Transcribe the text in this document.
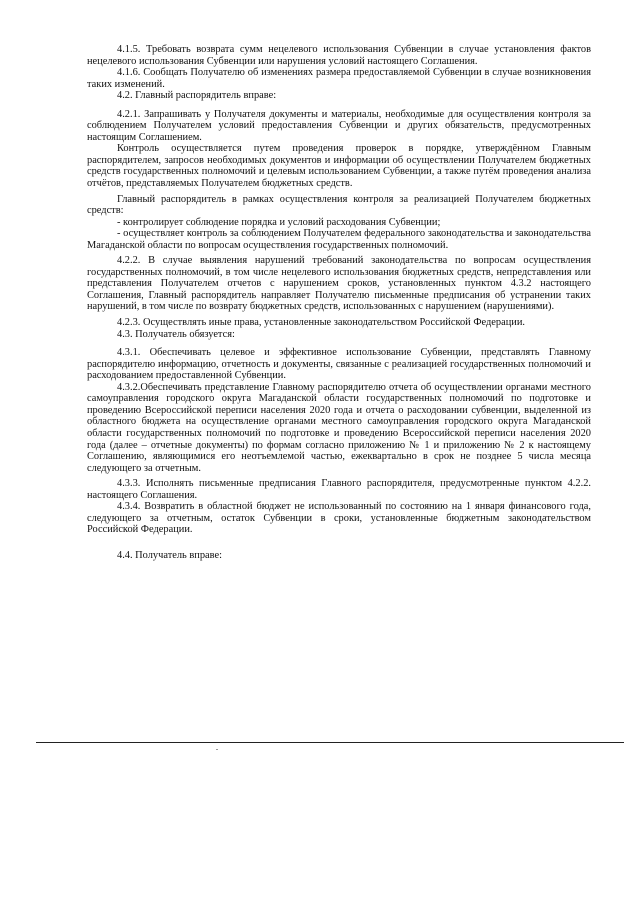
4.1.5. Требовать возврата сумм нецелевого использования Субвенции в случае установления фактов нецелевого использования Субвенции или нарушения условий настоящего Соглашения.

4.1.6. Сообщать Получателю об изменениях размера предоставляемой Субвенции в случае возникновения таких изменений.

4.2. Главный распорядитель вправе:

4.2.1. Запрашивать у Получателя документы и материалы, необходимые для осуществления контроля за соблюдением Получателем условий предоставления Субвенции и других обязательств, предусмотренных настоящим Соглашением.

Контроль осуществляется путем проведения проверок в порядке, утверждённом Главным распорядителем, запросов необходимых документов и информации об осуществлении Получателем бюджетных средств государственных полномочий и целевым использованием Субвенции, а также путём проведения анализа отчётов, представляемых Получателем бюджетных средств.

Главный распорядитель в рамках осуществления контроля за реализацией Получателем бюджетных средств:

- контролирует соблюдение порядка и условий расходования Субвенции;

- осуществляет контроль за соблюдением Получателем федерального законодательства и законодательства Магаданской области по вопросам осуществления государственных полномочий.

4.2.2. В случае выявления нарушений требований законодательства по вопросам осуществления государственных полномочий, в том числе нецелевого использования бюджетных средств, непредставления или представления Получателем отчетов с нарушением сроков, установленных пунктом 4.3.2 настоящего Соглашения, Главный распорядитель направляет Получателю письменные предписания об устранении таких нарушений, в том числе по возврату бюджетных средств, использованных с нарушением (нарушениями).

4.2.3. Осуществлять иные права, установленные законодательством Российской Федерации.

4.3. Получатель обязуется:

4.3.1. Обеспечивать целевое и эффективное использование Субвенции, представлять Главному распорядителю информацию, отчетность и документы, связанные с реализацией государственных полномочий и расходованием предоставленной Субвенции.

4.3.2.Обеспечивать представление Главному распорядителю отчета об осуществлении органами местного самоуправления городского округа Магаданской области государственных полномочий по подготовке и проведению Всероссийской переписи населения 2020 года и отчета о расходовании субвенции, выделенной из областного бюджета на осуществление органами местного самоуправления городского округа Магаданской области государственных полномочий по подготовке и проведению Всероссийской переписи населения 2020 года (далее – отчетные документы) по формам согласно приложению № 1 и приложению № 2 к настоящему Соглашению, являющимися его неотъемлемой частью, ежеквартально в срок не позднее 5 числа месяца следующего за отчетным.

4.3.3. Исполнять письменные предписания Главного распорядителя, предусмотренные пунктом 4.2.2. настоящего Соглашения.

4.3.4. Возвратить в областной бюджет не использованный по состоянию на 1 января финансового года, следующего за отчетным, остаток Субвенции в сроки, установленные бюджетным законодательством Российской Федерации.

4.4. Получатель вправе:
